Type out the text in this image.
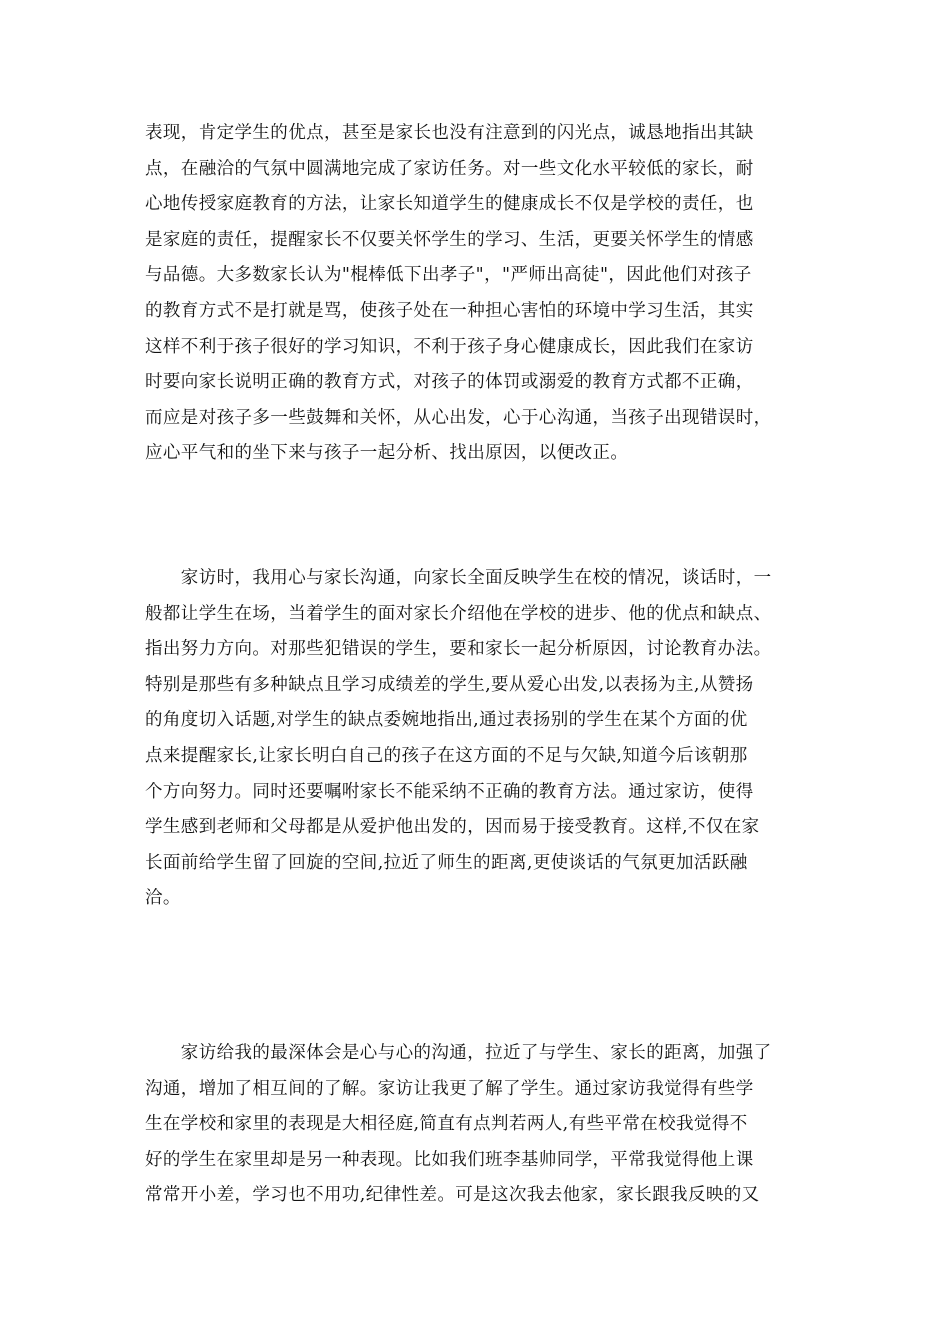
表现，肯定学生的优点，甚至是家长也没有注意到的闪光点，诚恳地指出其缺
点，在融洽的气氛中圆满地完成了家访任务。对一些文化水平较低的家长，耐
心地传授家庭教育的方法，让家长知道学生的健康成长不仅是学校的责任，也
是家庭的责任，提醒家长不仅要关怀学生的学习、生活，更要关怀学生的情感
与品德。大多数家长认为"棍棒低下出孝子"，"严师出高徒"，因此他们对孩子
的教育方式不是打就是骂，使孩子处在一种担心害怕的环境中学习生活，其实
这样不利于孩子很好的学习知识，不利于孩子身心健康成长，因此我们在家访
时要向家长说明正确的教育方式，对孩子的体罚或溺爱的教育方式都不正确，
而应是对孩子多一些鼓舞和关怀，从心出发，心于心沟通，当孩子出现错误时，
应心平气和的坐下来与孩子一起分析、找出原因，以便改正。
　　家访时，我用心与家长沟通，向家长全面反映学生在校的情况，谈话时，一
般都让学生在场，当着学生的面对家长介绍他在学校的进步、他的优点和缺点、
指出努力方向。对那些犯错误的学生，要和家长一起分析原因，讨论教育办法。
特别是那些有多种缺点且学习成绩差的学生,要从爱心出发,以表扬为主,从赞扬
的角度切入话题,对学生的缺点委婉地指出,通过表扬别的学生在某个方面的优
点来提醒家长,让家长明白自己的孩子在这方面的不足与欠缺,知道今后该朝那
个方向努力。同时还要嘱咐家长不能采纳不正确的教育方法。通过家访，使得
学生感到老师和父母都是从爱护他出发的，因而易于接受教育。这样,不仅在家
长面前给学生留了回旋的空间,拉近了师生的距离,更使谈话的气氛更加活跃融
洽。
　　家访给我的最深体会是心与心的沟通，拉近了与学生、家长的距离，加强了
沟通，增加了相互间的了解。家访让我更了解了学生。通过家访我觉得有些学
生在学校和家里的表现是大相径庭,简直有点判若两人,有些平常在校我觉得不
好的学生在家里却是另一种表现。比如我们班李基帅同学，平常我觉得他上课
常常开小差，学习也不用功,纪律性差。可是这次我去他家，家长跟我反映的又
